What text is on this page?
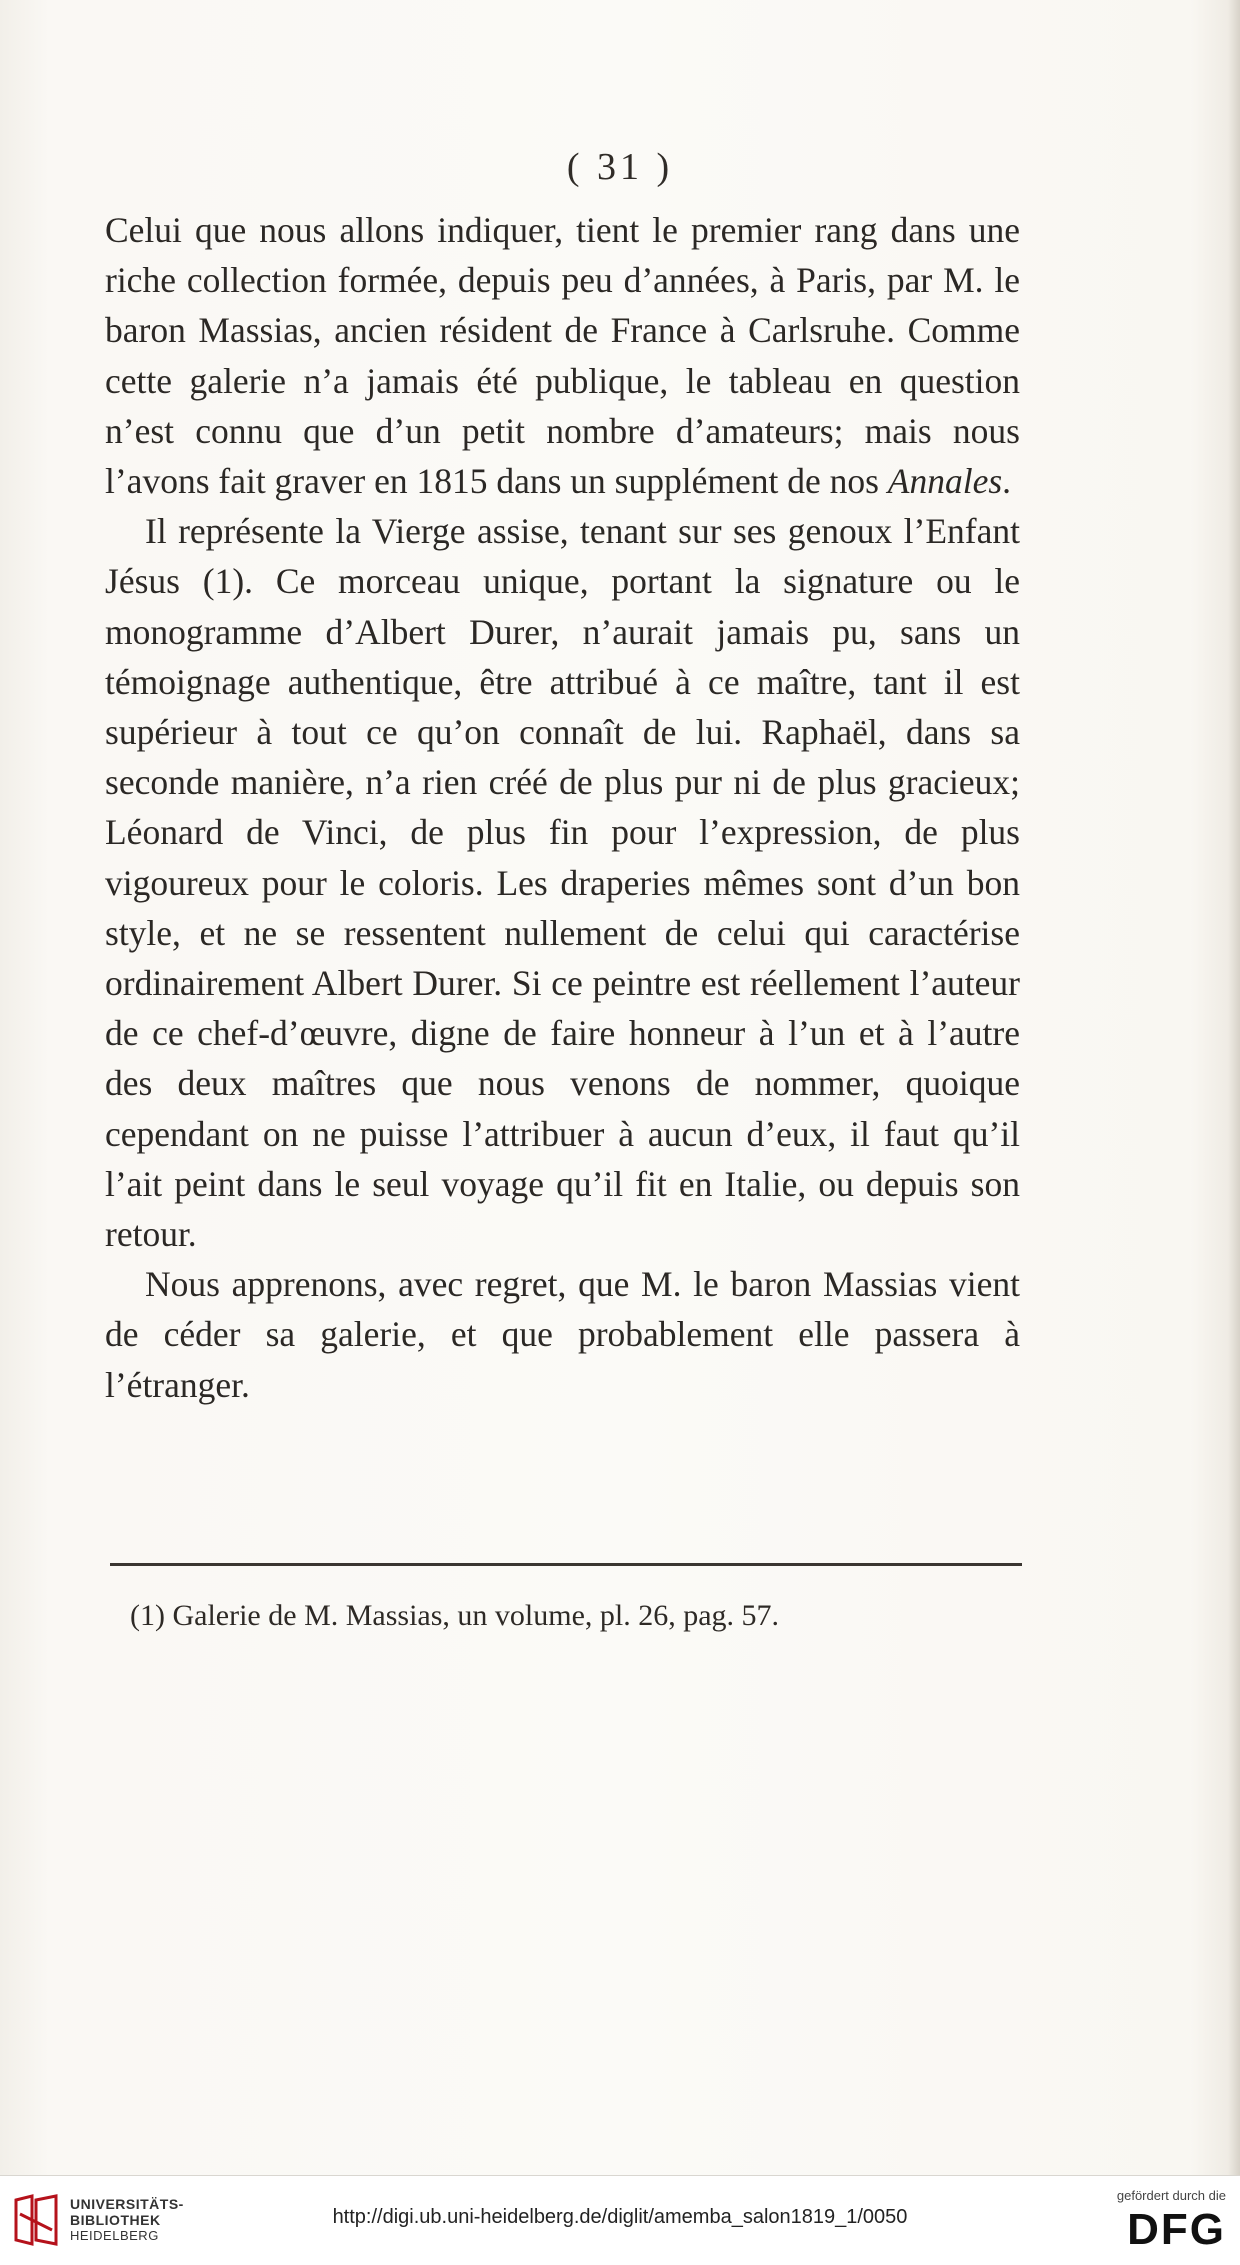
( 31 )

Celui que nous allons indiquer, tient le premier rang dans une riche collection formée, depuis peu d’années, à Paris, par M. le baron Massias, ancien résident de France à Carlsruhe. Comme cette galerie n’a jamais été publique, le tableau en question n’est connu que d’un petit nombre d’amateurs; mais nous l’avons fait graver en 1815 dans un supplément de nos Annales.

Il représente la Vierge assise, tenant sur ses genoux l’Enfant Jésus (1). Ce morceau unique, portant la signature ou le monogramme d’Albert Durer, n’aurait jamais pu, sans un témoignage authentique, être attribué à ce maître, tant il est supérieur à tout ce qu’on connaît de lui. Raphaël, dans sa seconde manière, n’a rien créé de plus pur ni de plus gracieux; Léonard de Vinci, de plus fin pour l’expression, de plus vigoureux pour le coloris. Les draperies mêmes sont d’un bon style, et ne se ressentent nullement de celui qui caractérise ordinairement Albert Durer. Si ce peintre est réellement l’auteur de ce chef-d’œuvre, digne de faire honneur à l’un et à l’autre des deux maîtres que nous venons de nommer, quoique cependant on ne puisse l’attribuer à aucun d’eux, il faut qu’il l’ait peint dans le seul voyage qu’il fit en Italie, ou depuis son retour.

Nous apprenons, avec regret, que M. le baron Massias vient de céder sa galerie, et que probablement elle passera à l’étranger.

(1) Galerie de M. Massias, un volume, pl. 26, pag. 57.
UNIVERSITÄTS-
BIBLIOTHEK
HEIDELBERG
http://digi.ub.uni-heidelberg.de/diglit/amemba_salon1819_1/0050
gefördert durch die
DFG
